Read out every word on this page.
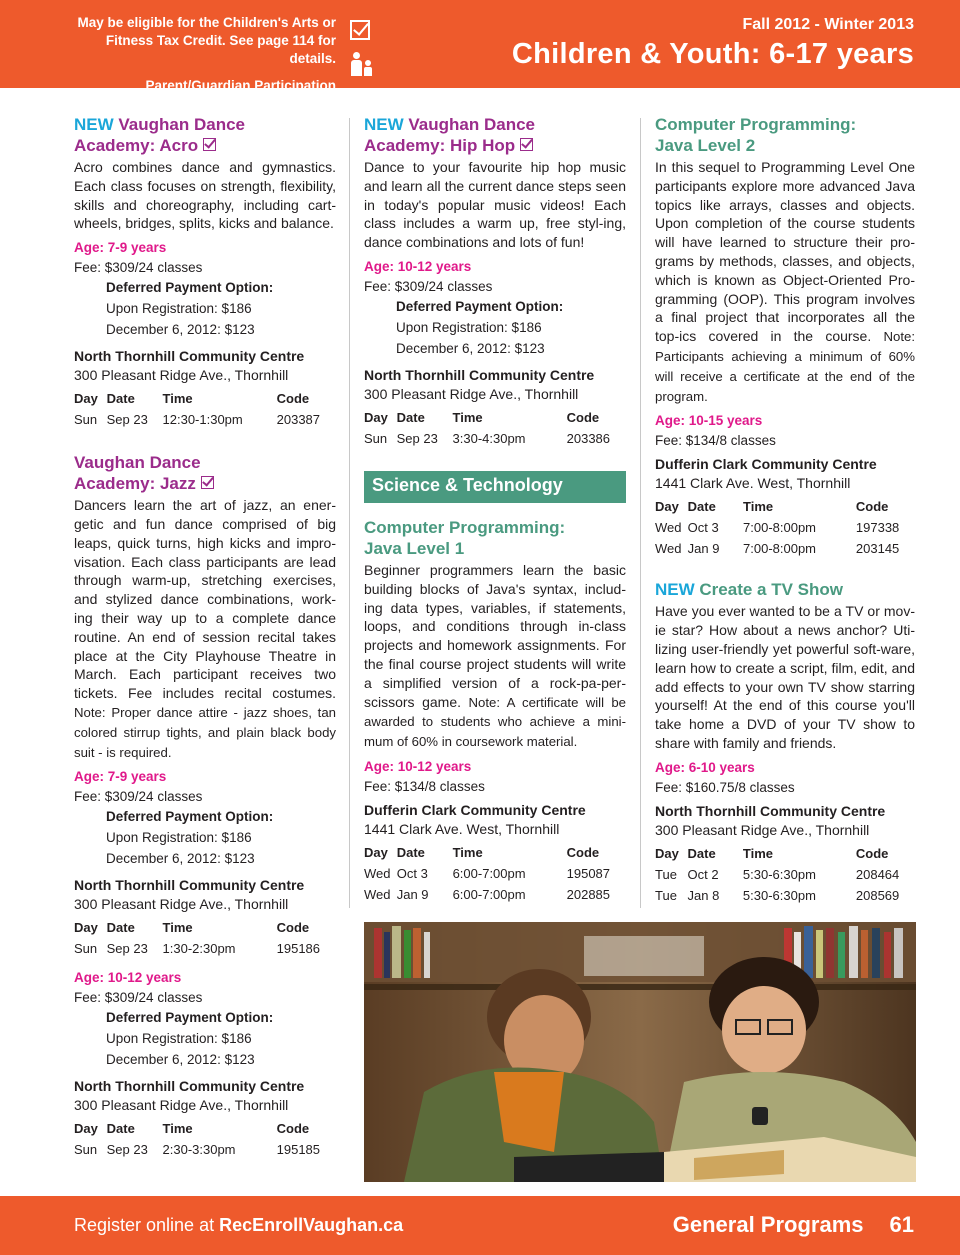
May be eligible for the Children's Arts or
Fitness Tax Credit. See page 114 for details.
Parent/Guardian Participation
Fall 2012 - Winter 2013
Children & Youth: 6-17 years
NEW Vaughan Dance
Academy: Acro

Acro combines dance and gymnastics. Each class focuses on strength, flexibility, skills and choreography, including cart-wheels, bridges, splits, kicks and balance.

Age: 7-9 years
Fee: $309/24 classes
Deferred Payment Option:
Upon Registration: $186
December 6, 2012: $123
North Thornhill Community Centre
300 Pleasant Ridge Ave., Thornhill
Day	Date	Time	Code
Sun	Sep 23	12:30-1:30pm	203387
Vaughan Dance
Academy: Jazz

Dancers learn the art of jazz, an ener-getic and fun dance comprised of big leaps, quick turns, high kicks and impro-visation. Each class participants are lead through warm-up, stretching exercises, and stylized dance combinations, work-ing their way up to a complete dance routine. An end of session recital takes place at the City Playhouse Theatre in March. Each participant receives two tickets. Fee includes recital costumes. Note: Proper dance attire - jazz shoes, tan colored stirrup tights, and plain black body suit - is required.

Age: 7-9 years
Fee: $309/24 classes
Deferred Payment Option:
Upon Registration: $186
December 6, 2012: $123
North Thornhill Community Centre
300 Pleasant Ridge Ave., Thornhill
Day	Date	Time	Code
Sun	Sep 23	1:30-2:30pm	195186
Age: 10-12 years
Fee: $309/24 classes
Deferred Payment Option:
Upon Registration: $186
December 6, 2012: $123
North Thornhill Community Centre
300 Pleasant Ridge Ave., Thornhill
Day	Date	Time	Code
Sun	Sep 23	2:30-3:30pm	195185
NEW Vaughan Dance
Academy: Hip Hop

Dance to your favourite hip hop music and learn all the current dance steps seen in today's popular music videos! Each class includes a warm up, free styl-ing, dance combinations and lots of fun!

Age: 10-12 years
Fee: $309/24 classes
Deferred Payment Option:
Upon Registration: $186
December 6, 2012: $123
North Thornhill Community Centre
300 Pleasant Ridge Ave., Thornhill
Day	Date	Time	Code
Sun	Sep 23	3:30-4:30pm	203386
Science & Technology
Computer Programming:
Java Level 1

Beginner programmers learn the basic building blocks of Java's syntax, includ-ing data types, variables, if statements, loops, and conditions through in-class projects and homework assignments. For the final course project students will write a simplified version of a rock-pa-per-scissors game. Note: A certificate will be awarded to students who achieve a mini-mum of 60% in coursework material.

Age: 10-12 years
Fee: $134/8 classes
Dufferin Clark Community Centre
1441 Clark Ave. West, Thornhill
Day	Date	Time	Code
Wed	Oct 3	6:00-7:00pm	195087
Wed	Jan 9	6:00-7:00pm	202885
Computer Programming:
Java Level 2

In this sequel to Programming Level One participants explore more advanced Java topics like arrays, classes and objects. Upon completion of the course students will have learned to structure their pro-grams by methods, classes, and objects, which is known as Object-Oriented Pro-gramming (OOP). This program involves a final project that incorporates all the top-ics covered in the course. Note: Participants achieving a minimum of 60% will receive a certificate at the end of the program.

Age: 10-15 years
Fee: $134/8 classes
Dufferin Clark Community Centre
1441 Clark Ave. West, Thornhill
Day	Date	Time	Code
Wed	Oct 3	7:00-8:00pm	197338
Wed	Jan 9	7:00-8:00pm	203145
NEW Create a TV Show

Have you ever wanted to be a TV or mov-ie star? How about a news anchor? Uti-lizing user-friendly yet powerful soft-ware, learn how to create a script, film, edit, and add effects to your own TV show starring yourself! At the end of this course you'll take home a DVD of your TV show to share with family and friends.

Age: 6-10 years
Fee: $160.75/8 classes
North Thornhill Community Centre
300 Pleasant Ridge Ave., Thornhill
Day	Date	Time	Code
Tue	Oct 2	5:30-6:30pm	208464
Tue	Jan 8	5:30-6:30pm	208569
Register online at RecEnrollVaughan.ca	General Programs 61
